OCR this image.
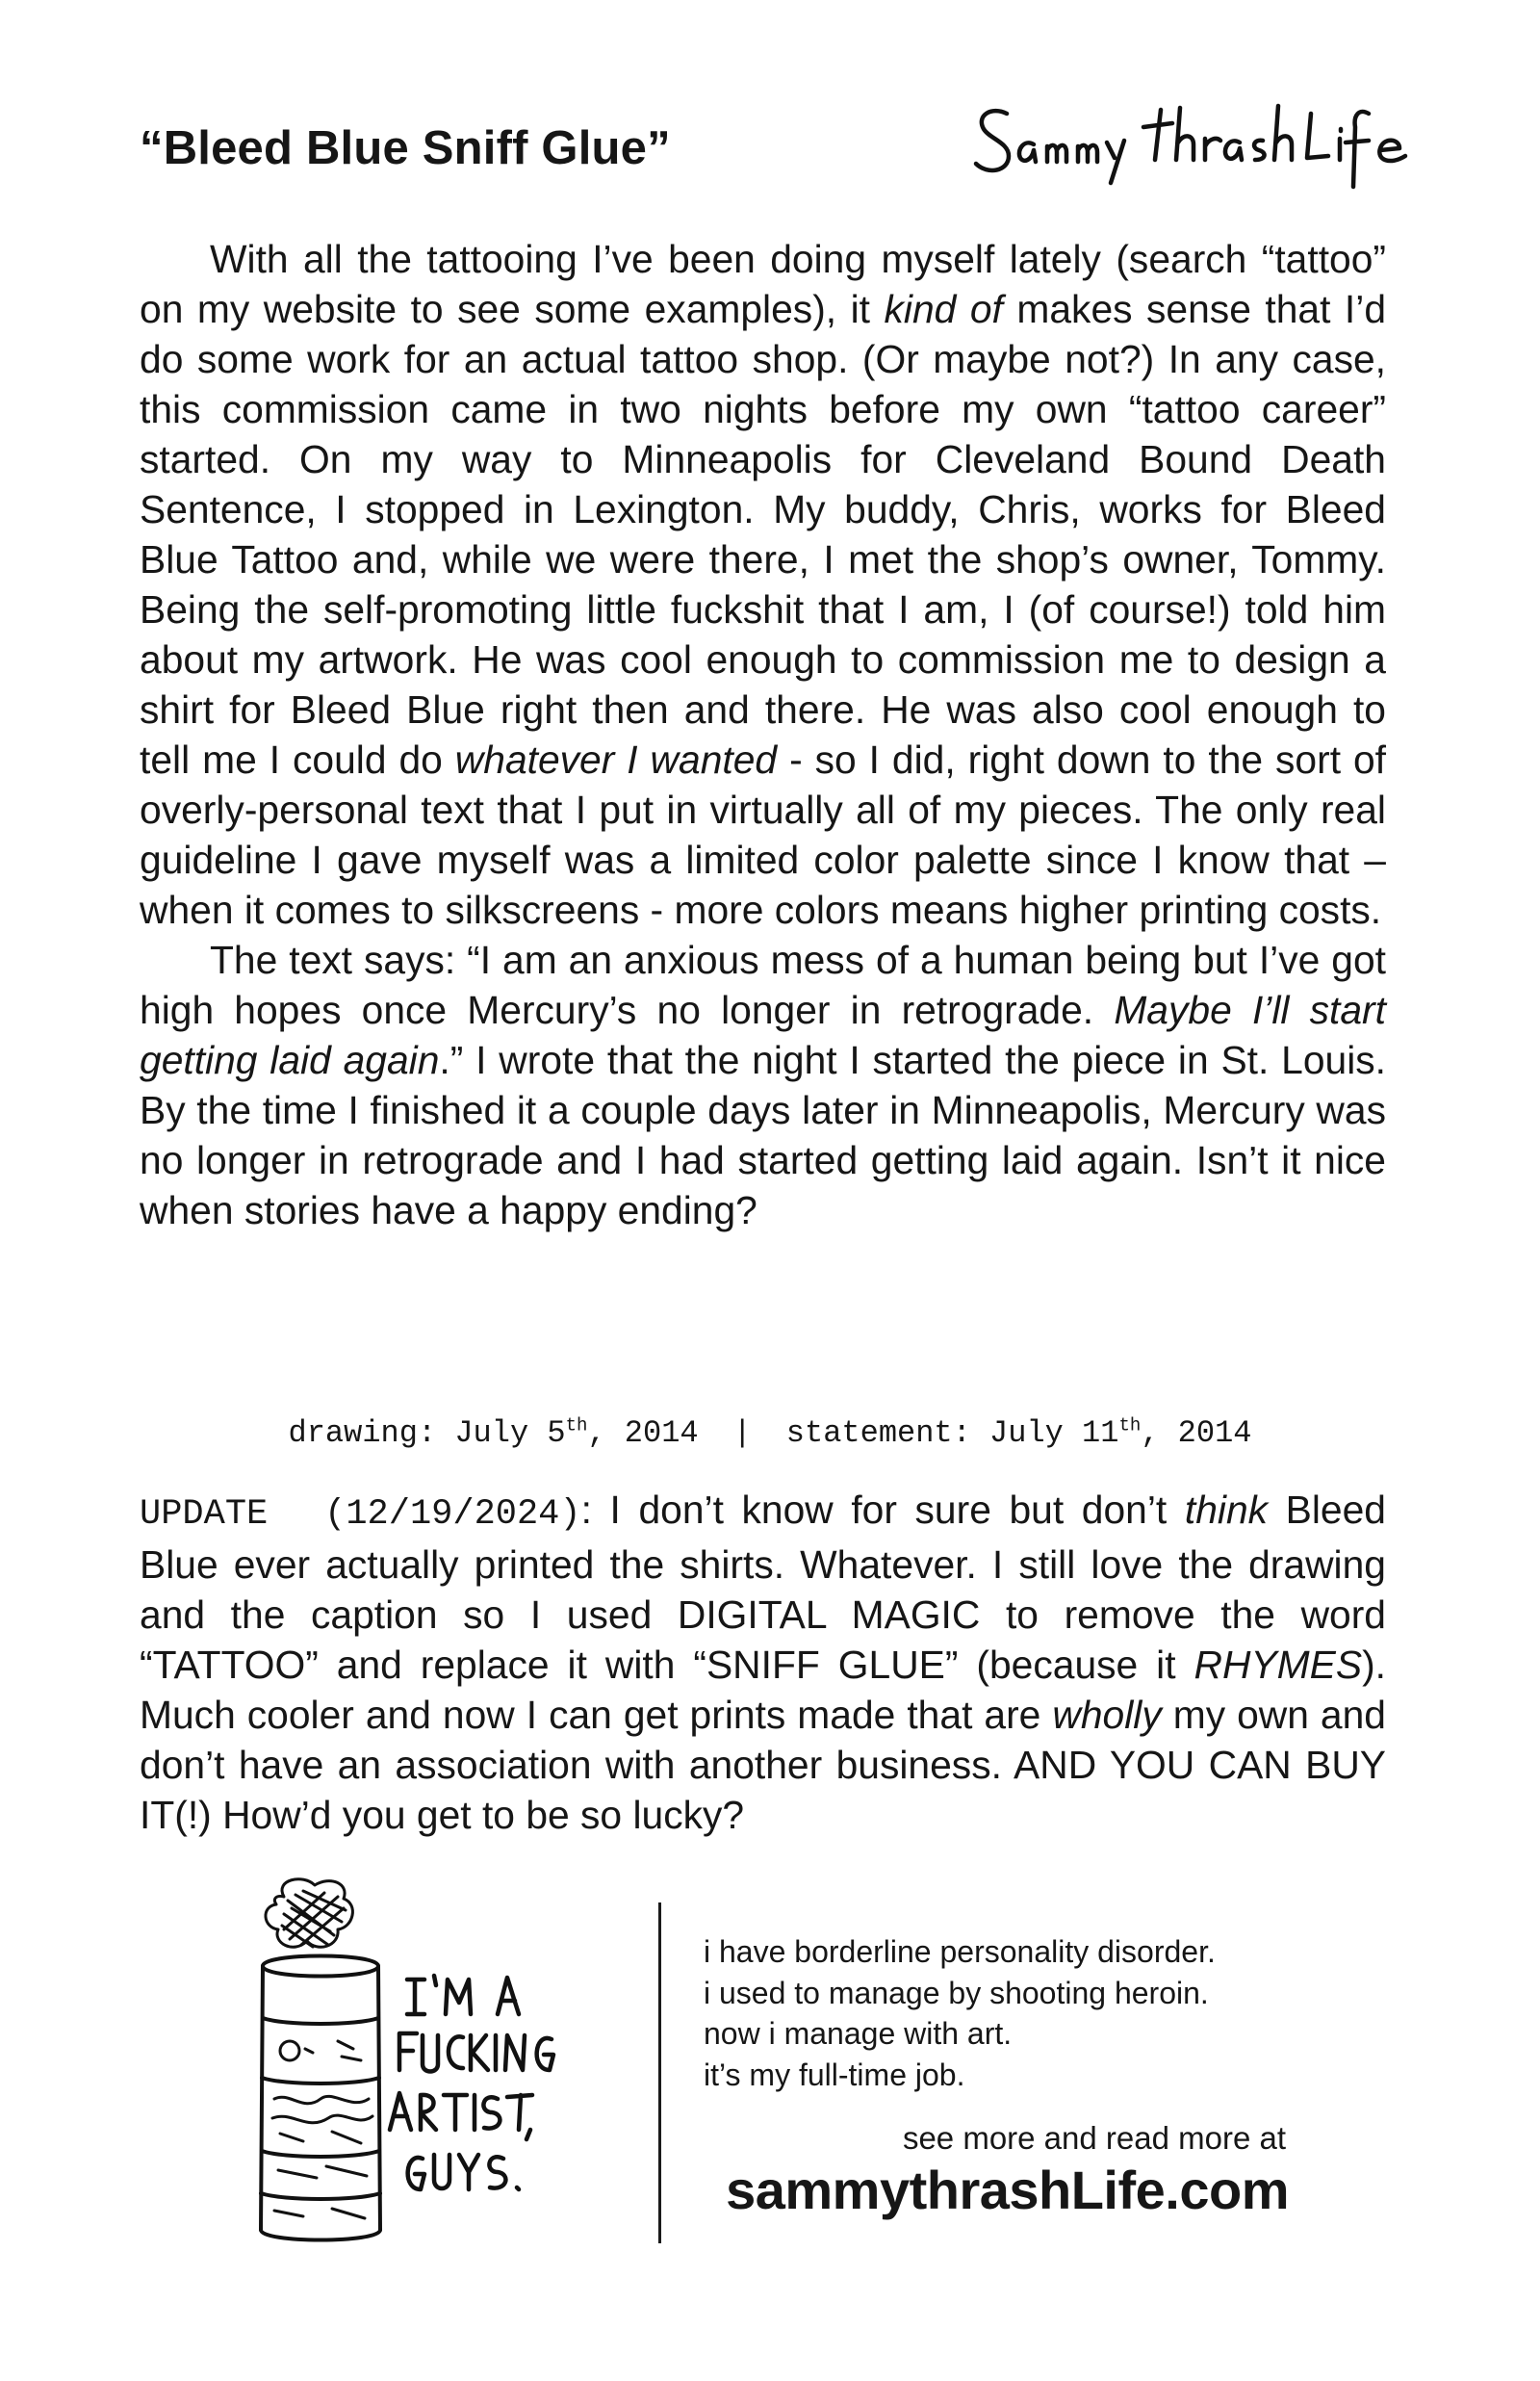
“Bleed Blue Sniff Glue”

With all the tattooing I’ve been doing myself lately (search “tattoo” on my website to see some examples), it kind of makes sense that I’d do some work for an actual tattoo shop. (Or maybe not?) In any case, this commission came in two nights before my own “tattoo career” started. On my way to Minneapolis for Cleveland Bound Death Sentence, I stopped in Lexington. My buddy, Chris, works for Bleed Blue Tattoo and, while we were there, I met the shop’s owner, Tommy. Being the self-promoting little fuckshit that I am, I (of course!) told him about my artwork. He was cool enough to commission me to design a shirt for Bleed Blue right then and there. He was also cool enough to tell me I could do whatever I wanted - so I did, right down to the sort of overly-personal text that I put in virtually all of my pieces. The only real guideline I gave myself was a limited color palette since I know that – when it comes to silkscreens - more colors means higher printing costs.

The text says: “I am an anxious mess of a human being but I’ve got high hopes once Mercury’s no longer in retrograde. Maybe I’ll start getting laid again.” I wrote that the night I started the piece in St. Louis. By the time I finished it a couple days later in Minneapolis, Mercury was no longer in retrograde and I had started getting laid again. Isn’t it nice when stories have a happy ending?

drawing: July 5th, 2014 | statement: July 11th, 2014

UPDATE  (12/19/2024): I don’t know for sure but don’t think Bleed Blue ever actually printed the shirts. Whatever. I still love the drawing and the caption so I used DIGITAL MAGIC to remove the word “TATTOO” and replace it with “SNIFF GLUE” (because it RHYMES). Much cooler and now I can get prints made that are wholly my own and don’t have an association with another business. AND YOU CAN BUY IT(!) How’d you get to be so lucky?

i have borderline personality disorder.
i used to manage by shooting heroin.
now i manage with art.
it’s my full-time job.
see more and read more at
sammythrashLife.com
